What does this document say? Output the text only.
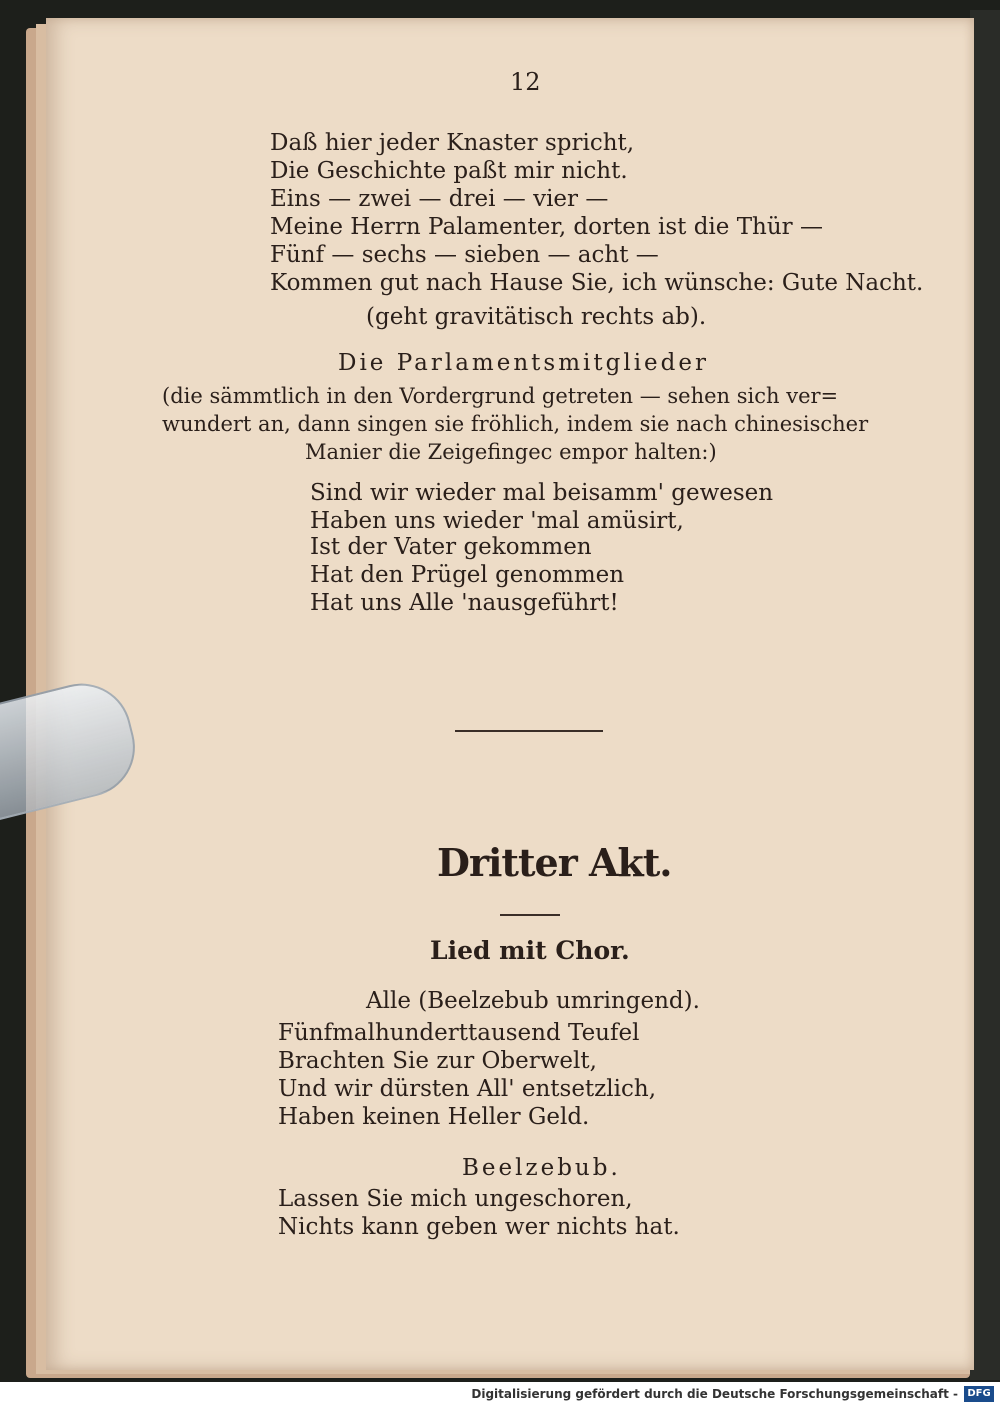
12
Daß hier jeder Knaster spricht,
Die Geschichte paßt mir nicht.
Eins — zwei — drei — vier —
Meine Herrn Palamenter, dorten ist die Thür —
Fünf — sechs — sieben — acht —
Kommen gut nach Hause Sie, ich wünsche: Gute Nacht.
(geht gravitätisch rechts ab).
Die Parlamentsmitglieder
(die sämmtlich in den Vordergrund getreten — sehen sich ver=
wundert an, dann singen sie fröhlich, indem sie nach chinesischer
Manier die Zeigefingec empor halten:)
Sind wir wieder mal beisamm' gewesen
Haben uns wieder 'mal amüsirt,
Ist der Vater gekommen
Hat den Prügel genommen
Hat uns Alle 'nausgeführt!
Dritter Akt.
Lied mit Chor.
Alle (Beelzebub umringend).
Fünfmalhunderttausend Teufel
Brachten Sie zur Oberwelt,
Und wir dürsten All' entsetzlich,
Haben keinen Heller Geld.
Beelzebub.
Lassen Sie mich ungeschoren,
Nichts kann geben wer nichts hat.
Digitalisierung gefördert durch die Deutsche Forschungsgemeinschaft - DFG
